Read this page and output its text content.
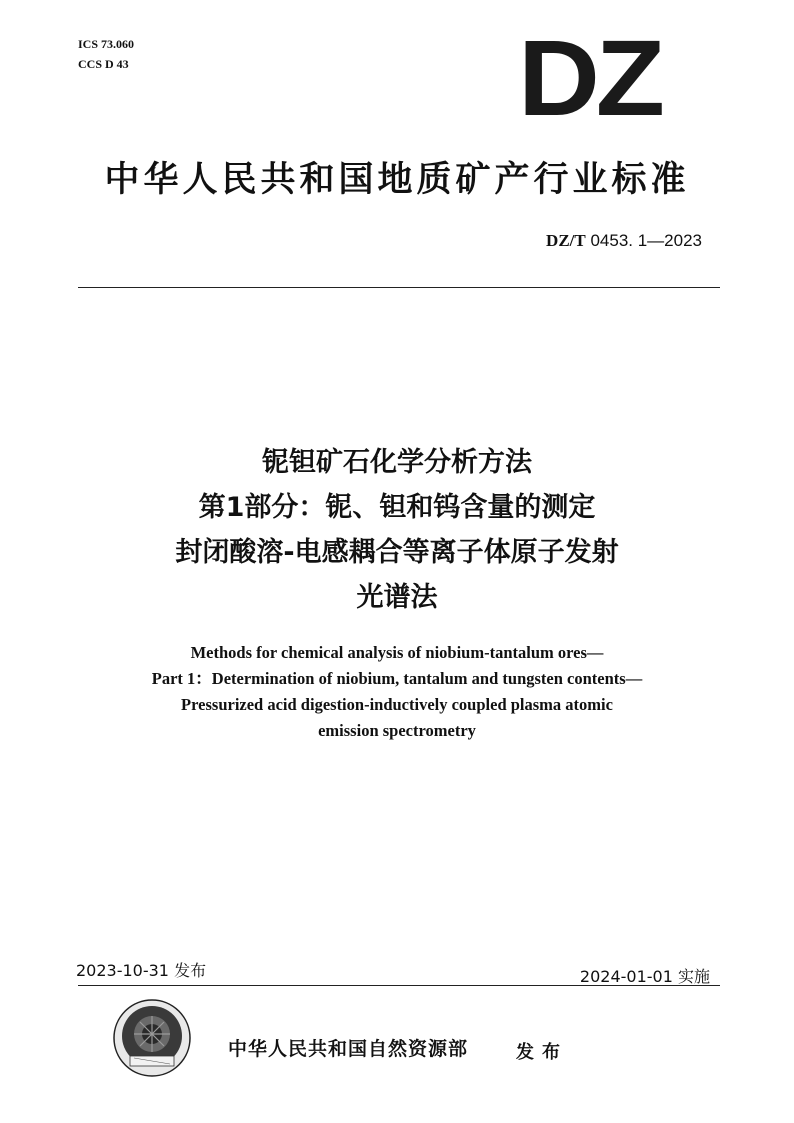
ICS 73.060
CCS D 43	DZ
中华人民共和国地质矿产行业标准
DZ/T 0453. 1—2023
铌钽矿石化学分析方法
第1部分：铌、钽和钨含量的测定
封闭酸溶-电感耦合等离子体原子发射
光谱法
Methods for chemical analysis of niobium-tantalum ores—
Part 1：Determination of niobium, tantalum and tungsten contents—
Pressurized acid digestion-inductively coupled plasma atomic
emission spectrometry
2023-10-31 发布	2024-01-01 实施
中华人民共和国自然资源部	发布
